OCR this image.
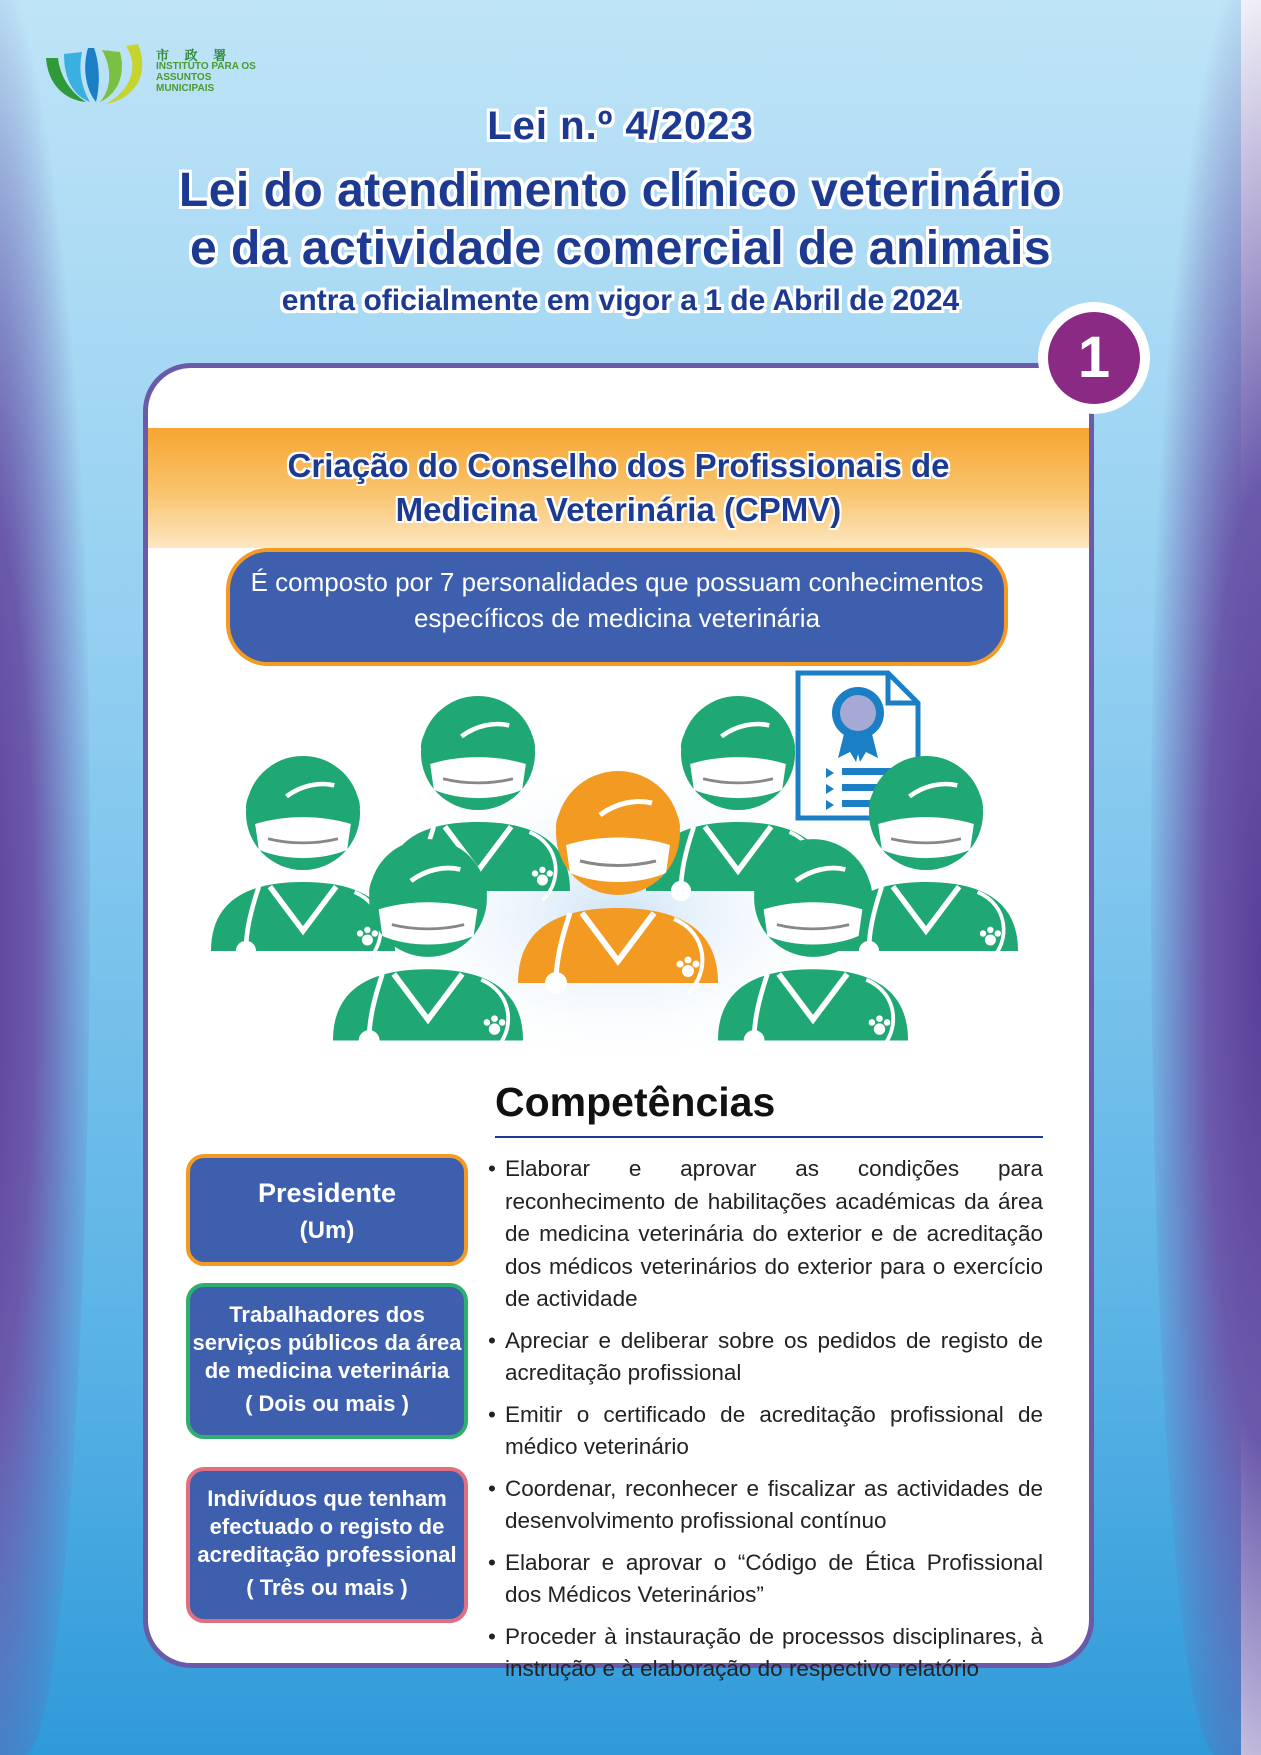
市 政 署
INSTITUTO PARA OS
ASSUNTOS MUNICIPAIS
Lei n.º 4/2023
Lei do atendimento clínico veterinário
e da actividade comercial de animais
entra oficialmente em vigor a 1 de Abril de 2024
Criação do Conselho dos Profissionais de
Medicina Veterinária (CPMV)
É composto por 7 personalidades que possuam conhecimentos
específicos de medicina veterinária
Competências
• Elaborar e aprovar as condições para reconhecimento de habilitações académicas da área de medicina veterinária do exterior e de acreditação dos médicos veterinários do exterior para o exercício de actividade
• Apreciar e deliberar sobre os pedidos de registo de acreditação profissional
• Emitir o certificado de acreditação profissional de médico veterinário
• Coordenar, reconhecer e fiscalizar as actividades de desenvolvimento profissional contínuo
• Elaborar e aprovar o “Código de Ética Profissional dos Médicos Veterinários”
• Proceder à instauração de processos disciplinares, à instrução e à elaboração do respectivo relatório
Presidente
(Um)
Trabalhadores dos
serviços públicos da área
de medicina veterinária
( Dois ou mais )
Indivíduos que tenham
efectuado o registo de
acreditação professional
( Três ou mais )
1
